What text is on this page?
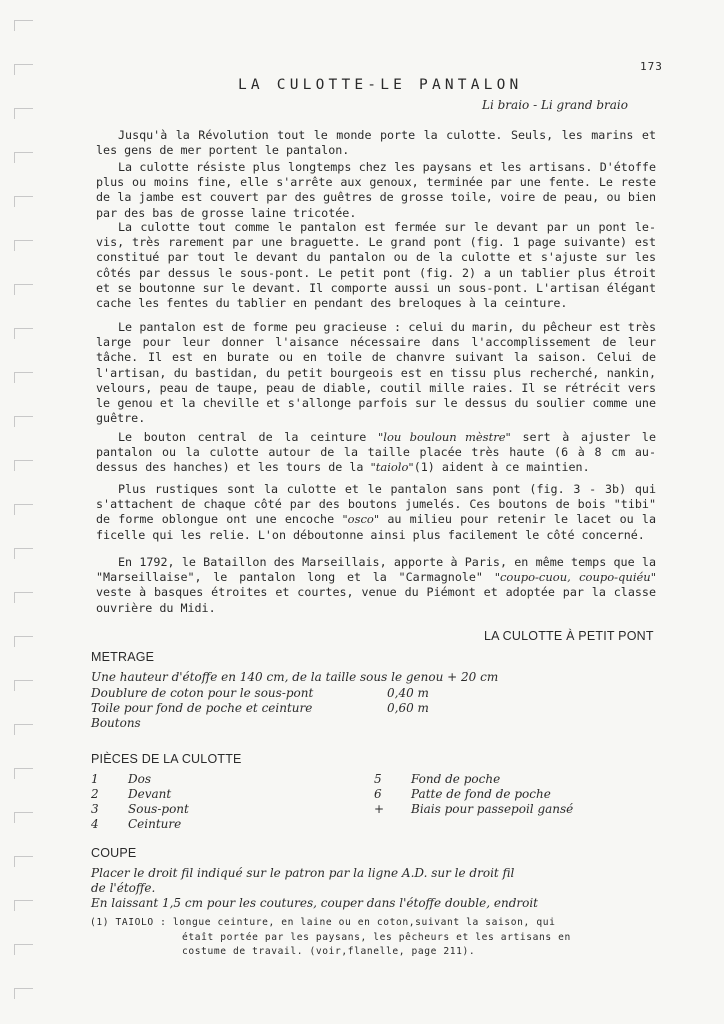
173
LA CULOTTE-LE PANTALON
Li braio - Li grand braio

Jusqu'à la Révolution tout le monde porte la culotte. Seuls, les marins et les gens de mer portent le pantalon.

La culotte résiste plus longtemps chez les paysans et les artisans. D'étoffe plus ou moins fine, elle s'arrête aux genoux, terminée par une fente. Le reste de la jambe est couvert par des guêtres de grosse toile, voire de peau, ou bien par des bas de grosse laine tricotée.

La culotte tout comme le pantalon est fermée sur le devant par un pont le-vis, très rarement par une braguette. Le grand pont (fig. 1 page suivante) est constitué par tout le devant du pantalon ou de la culotte et s'ajuste sur les côtés par dessus le sous-pont. Le petit pont (fig. 2) a un tablier plus étroit et se boutonne sur le devant. Il comporte aussi un sous-pont. L'artisan élégant cache les fentes du tablier en pendant des breloques à la ceinture.

Le pantalon est de forme peu gracieuse : celui du marin, du pêcheur est très large pour leur donner l'aisance nécessaire dans l'accomplissement de leur tâche. Il est en burate ou en toile de chanvre suivant la saison. Celui de l'artisan, du bastidan, du petit bourgeois est en tissu plus recherché, nankin, velours, peau de taupe, peau de diable, coutil mille raies. Il se rétrécit vers le genou et la cheville et s'allonge parfois sur le dessus du soulier comme une guêtre.

Le bouton central de la ceinture "lou bouloun mèstre" sert à ajuster le pantalon ou la culotte autour de la taille placée très haute (6 à 8 cm au-dessus des hanches) et les tours de la "taiolo"(1) aident à ce maintien.

Plus rustiques sont la culotte et le pantalon sans pont (fig. 3 - 3b) qui s'attachent de chaque côté par des boutons jumelés. Ces boutons de bois "tibi" de forme oblongue ont une encoche "osco" au milieu pour retenir le lacet ou la ficelle qui les relie. L'on déboutonne ainsi plus facilement le côté concerné.

En 1792, le Bataillon des Marseillais, apporte à Paris, en même temps que la "Marseillaise", le pantalon long et la "Carmagnole" "coupo-cuou, coupo-quiéu" veste à basques étroites et courtes, venue du Piémont et adoptée par la classe ouvrière du Midi.

LA CULOTTE À PETIT PONT
METRAGE
Une hauteur d'étoffe en 140 cm, de la taille sous le genou + 20 cm
Doublure de coton pour le sous-pont	0,40 m
Toile pour fond de poche et ceinture	0,60 m
Boutons
PIÈCES DE LA CULOTTE
1	Dos
2	Devant
3	Sous-pont
4	Ceinture
5	Fond de poche
6	Patte de fond de poche
+	Biais pour passepoil gansé
COUPE
Placer le droit fil indiqué sur le patron par la ligne A.D. sur le droit fil
de l'étoffe.
En laissant 1,5 cm pour les coutures, couper dans l'étoffe double, endroit
(1) TAIOLO : longue ceinture, en laine ou en coton,suivant la saison, qui
étaît portée par les paysans, les pêcheurs et les artisans en
costume de travail. (voir,flanelle, page 211).
